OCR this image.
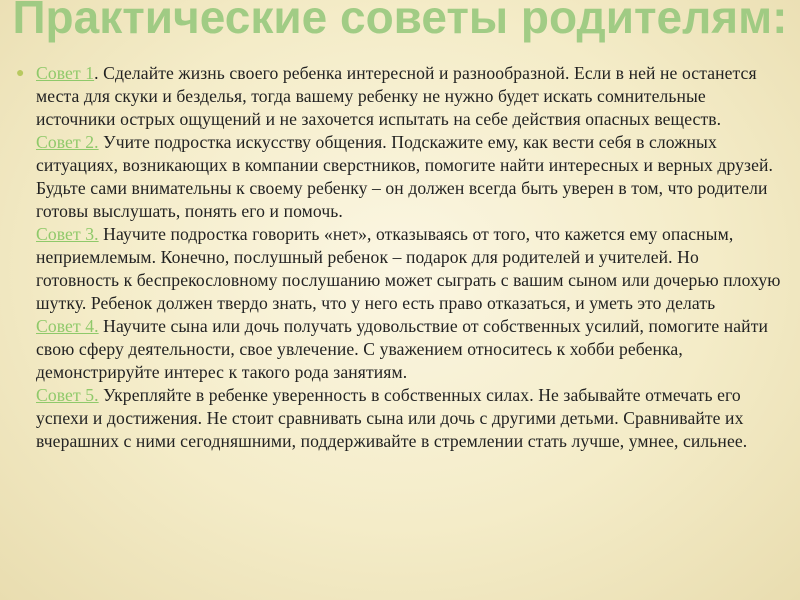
Практические советы родителям:
● Совет 1. Сделайте жизнь своего ребенка интересной и разнообразной. Если в ней не останется места для скуки и безделья, тогда вашему ребенку не нужно будет искать сомнительные источники острых ощущений и не захочется испытать на себе действия опасных веществ.
Совет 2. Учите подростка искусству общения. Подскажите ему, как вести себя в сложных ситуациях, возникающих в компании сверстников, помогите найти интересных и верных друзей. Будьте сами внимательны к своему ребенку – он должен всегда быть уверен в том, что родители готовы выслушать, понять его и помочь.
Совет 3. Научите подростка говорить «нет», отказываясь от того, что кажется ему опасным, неприемлемым. Конечно, послушный ребенок – подарок для родителей и учителей. Но готовность к беспрекословному послушанию может сыграть с вашим сыном или дочерью плохую шутку. Ребенок должен твердо знать, что у него есть право отказаться, и уметь это делать
Совет 4. Научите сына или дочь получать удовольствие от собственных усилий, помогите найти свою сферу деятельности, свое увлечение. С уважением относитесь к хобби ребенка, демонстрируйте интерес к такого рода занятиям.
Совет 5. Укрепляйте в ребенке уверенность в собственных силах. Не забывайте отмечать его успехи и достижения. Не стоит сравнивать сына или дочь с другими детьми. Сравнивайте их вчерашних с ними сегодняшними, поддерживайте в стремлении стать лучше, умнее, сильнее.
